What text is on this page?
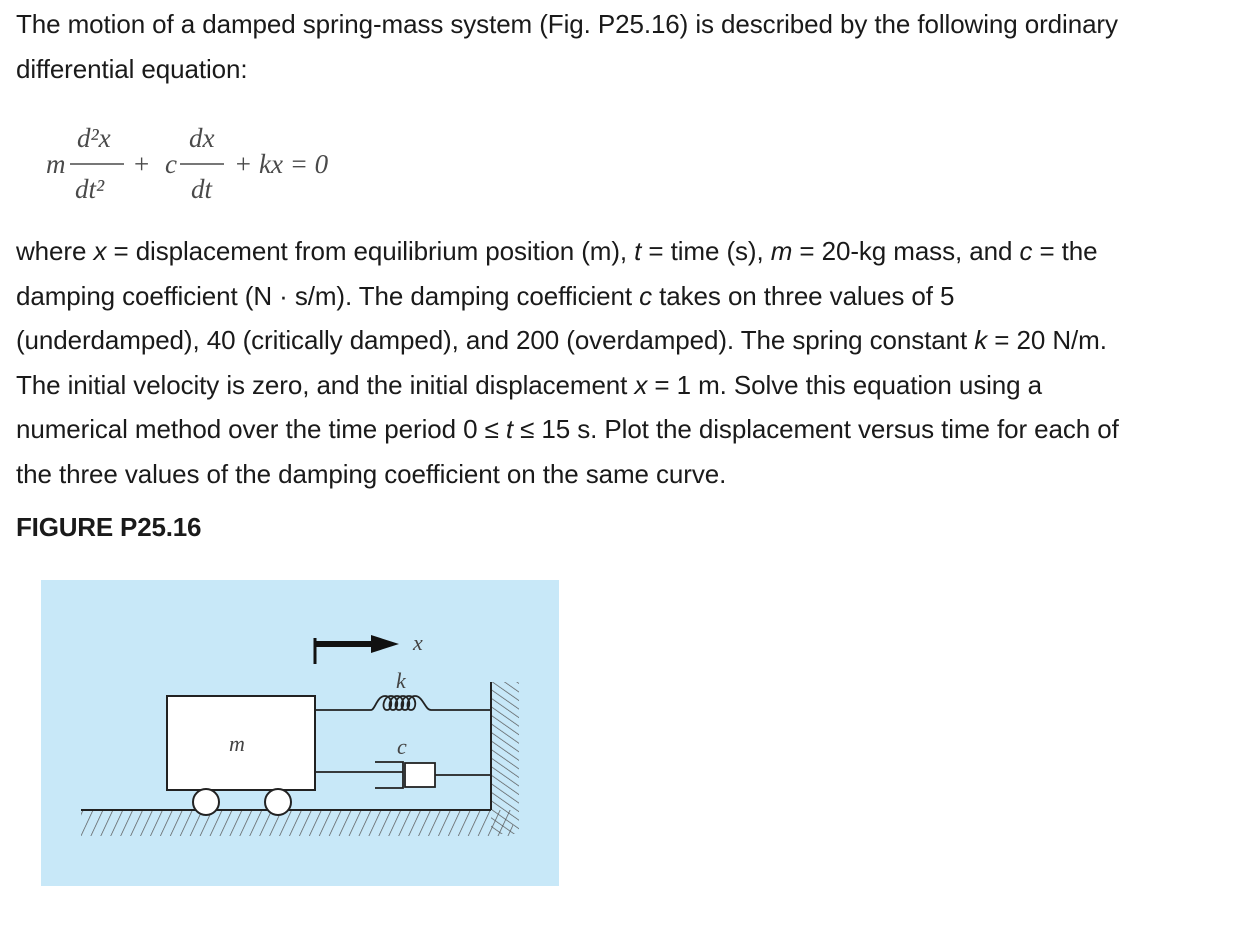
The motion of a damped spring-mass system (Fig. P25.16) is described by the following ordinary
differential equation:

m
d²x
dt²
+ c
dx
dt
+ kx = 0

where x = displacement from equilibrium position (m), t = time (s), m = 20-kg mass, and c = the
damping coefficient (N · s/m). The damping coefficient c takes on three values of 5
(underdamped), 40 (critically damped), and 200 (overdamped). The spring constant k = 20 N/m.
The initial velocity is zero, and the initial displacement x = 1 m. Solve this equation using a
numerical method over the time period 0 ≤ t ≤ 15 s. Plot the displacement versus time for each of
the three values of the damping coefficient on the same curve.

FIGURE P25.16

x
m
k
c
